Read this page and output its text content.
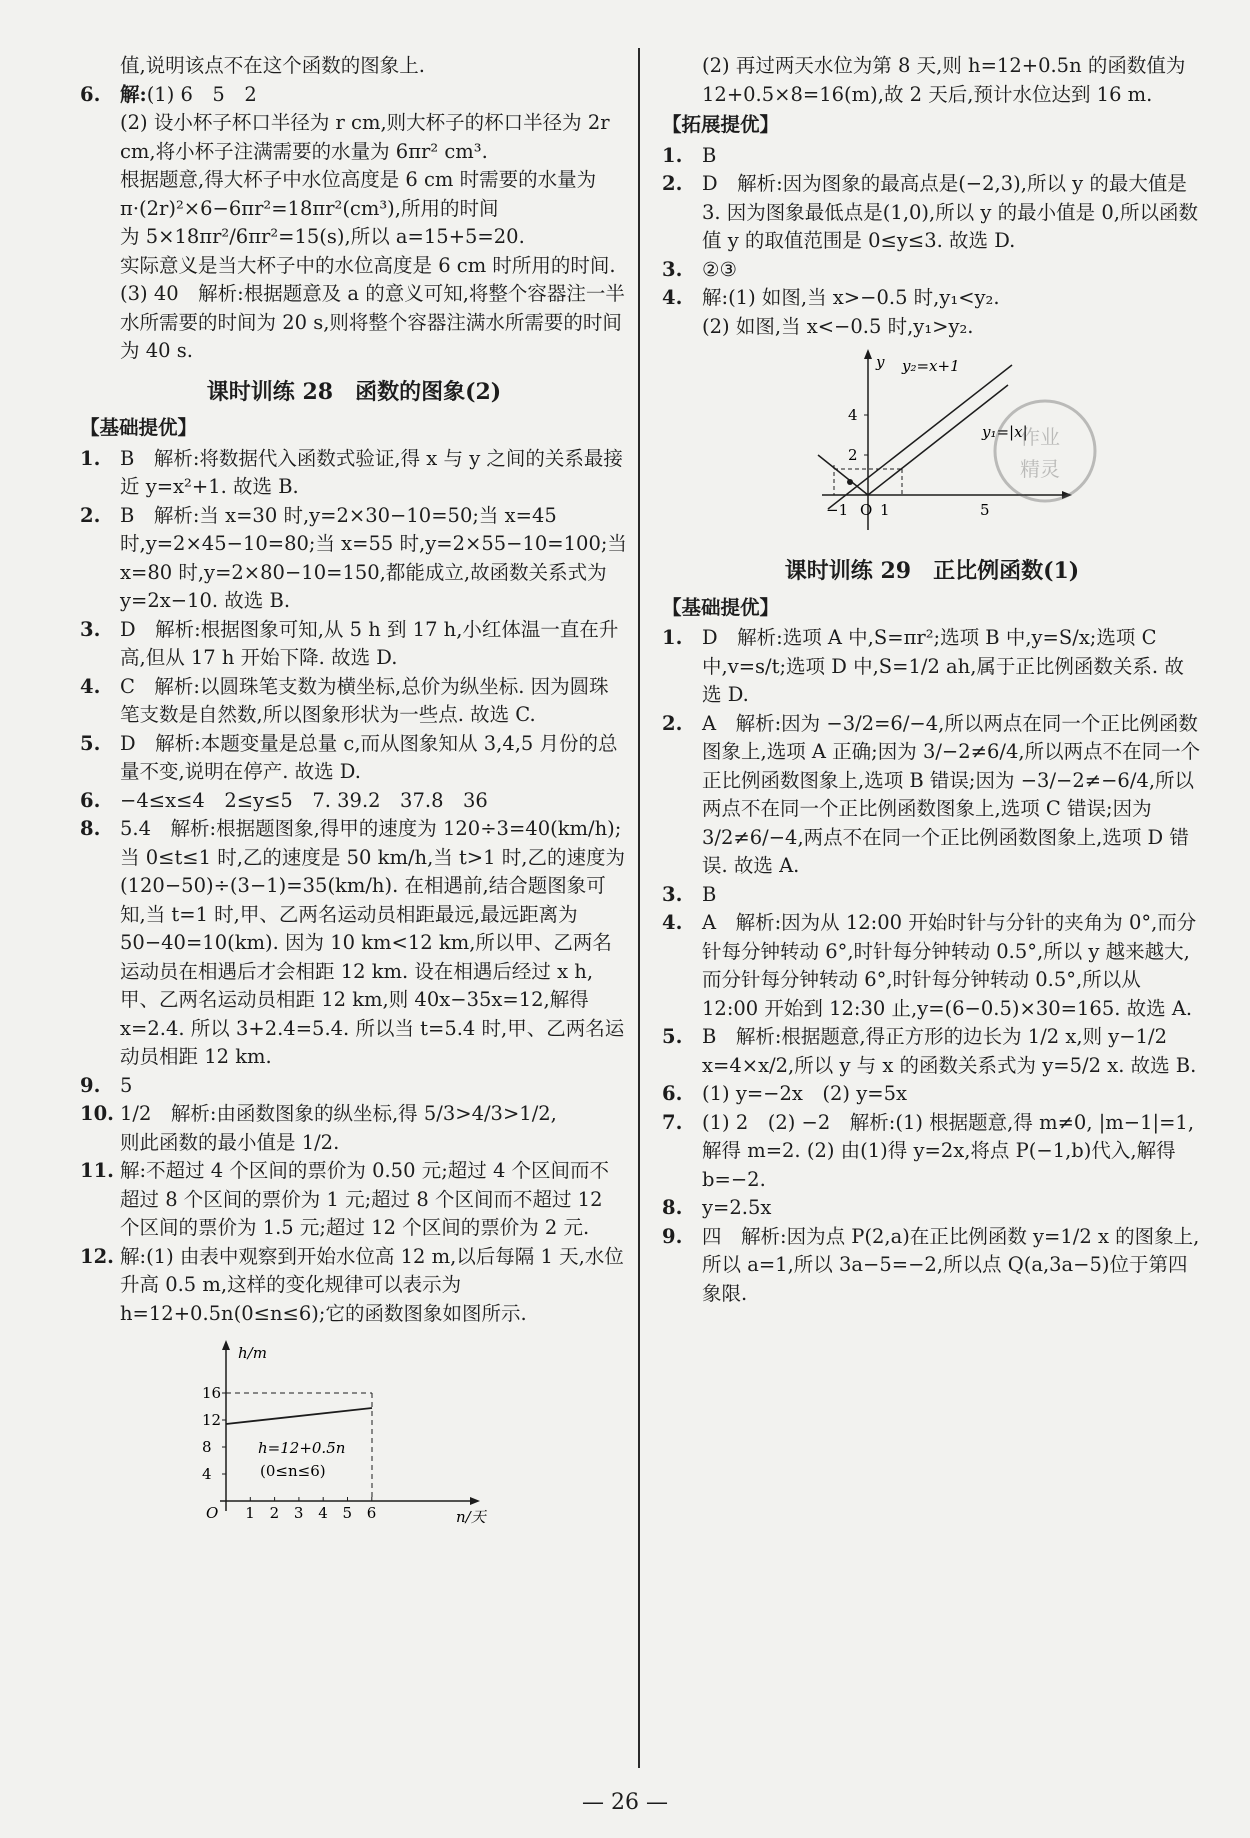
值,说明该点不在这个函数的图象上.

6. 解:(1) 6　5　2

(2) 设小杯子杯口半径为 r cm,则大杯子的杯口半径为 2r cm,将小杯子注满需要的水量为 6πr² cm³.

根据题意,得大杯子中水位高度是 6 cm 时需要的水量为 π·(2r)²×6−6πr²=18πr²(cm³),所用的时间

为 5×18πr²/6πr²=15(s),所以 a=15+5=20.

实际意义是当大杯子中的水位高度是 6 cm 时所用的时间.

(3) 40　解析:根据题意及 a 的意义可知,将整个容器注一半水所需要的时间为 20 s,则将整个容器注满水所需要的时间为 40 s.

课时训练 28　函数的图象(2)
【基础提优】

1. B　解析:将数据代入函数式验证,得 x 与 y 之间的关系最接近 y=x²+1. 故选 B.

2. B　解析:当 x=30 时,y=2×30−10=50;当 x=45 时,y=2×45−10=80;当 x=55 时,y=2×55−10=100;当 x=80 时,y=2×80−10=150,都能成立,故函数关系式为 y=2x−10. 故选 B.

3. D　解析:根据图象可知,从 5 h 到 17 h,小红体温一直在升高,但从 17 h 开始下降. 故选 D.

4. C　解析:以圆珠笔支数为横坐标,总价为纵坐标. 因为圆珠笔支数是自然数,所以图象形状为一些点. 故选 C.

5. D　解析:本题变量是总量 c,而从图象知从 3,4,5 月份的总量不变,说明在停产. 故选 D.

6. −4≤x≤4　2≤y≤5　7. 39.2　37.8　36

8. 5.4　解析:根据题图象,得甲的速度为 120÷3=40(km/h);当 0≤t≤1 时,乙的速度是 50 km/h,当 t>1 时,乙的速度为(120−50)÷(3−1)=35(km/h). 在相遇前,结合题图象可知,当 t=1 时,甲、乙两名运动员相距最远,最远距离为 50−40=10(km). 因为 10 km<12 km,所以甲、乙两名运动员在相遇后才会相距 12 km. 设在相遇后经过 x h,甲、乙两名运动员相距 12 km,则 40x−35x=12,解得 x=2.4. 所以 3+2.4=5.4. 所以当 t=5.4 时,甲、乙两名运动员相距 12 km.

9. 5

10. 1/2　解析:由函数图象的纵坐标,得 5/3>4/3>1/2,

则此函数的最小值是 1/2.

11. 解:不超过 4 个区间的票价为 0.50 元;超过 4 个区间而不超过 8 个区间的票价为 1 元;超过 8 个区间而不超过 12 个区间的票价为 1.5 元;超过 12 个区间的票价为 2 元.

12. 解:(1) 由表中观察到开始水位高 12 m,以后每隔 1 天,水位升高 0.5 m,这样的变化规律可以表示为 h=12+0.5n(0≤n≤6);它的函数图象如图所示.

h/m
n/天
O
4
8
12
16
1 2 3 4 5 6
h=12+0.5n
(0≤n≤6)

(2) 再过两天水位为第 8 天,则 h=12+0.5n 的函数值为 12+0.5×8=16(m),故 2 天后,预计水位达到 16 m.

【拓展提优】

1. B

2. D　解析:因为图象的最高点是(−2,3),所以 y 的最大值是 3. 因为图象最低点是(1,0),所以 y 的最小值是 0,所以函数值 y 的取值范围是 0≤y≤3. 故选 D.

3. ②③

4. 解:(1) 如图,当 x>−0.5 时,y₁<y₂.

(2) 如图,当 x<−0.5 时,y₁>y₂.

y
2
4
−1 O 1	5
y₂=x+1
y₁=|x|
课时训练 29　正比例函数(1)
【基础提优】

1. D　解析:选项 A 中,S=πr²;选项 B 中,y=S/x;选项 C 中,v=s/t;选项 D 中,S=1/2 ah,属于正比例函数关系. 故选 D.

2. A　解析:因为 −3/2=6/−4,所以两点在同一个正比例函数图象上,选项 A 正确;因为 3/−2≠6/4,所以两点不在同一个正比例函数图象上,选项 B 错误;因为 −3/−2≠−6/4,所以两点不在同一个正比例函数图象上,选项 C 错误;因为 3/2≠6/−4,两点不在同一个正比例函数图象上,选项 D 错误. 故选 A.

3. B

4. A　解析:因为从 12:00 开始时针与分针的夹角为 0°,而分针每分钟转动 6°,时针每分钟转动 0.5°,所以 y 越来越大,而分针每分钟转动 6°,时针每分钟转动 0.5°,所以从 12:00 开始到 12:30 止,y=(6−0.5)×30=165. 故选 A.

5. B　解析:根据题意,得正方形的边长为 1/2 x,则 y−1/2 x=4×x/2,所以 y 与 x 的函数关系式为 y=5/2 x. 故选 B.

6. (1) y=−2x　(2) y=5x

7. (1) 2　(2) −2　解析:(1) 根据题意,得 m≠0, |m−1|=1, 解得 m=2. (2) 由(1)得 y=2x,将点 P(−1,b)代入,解得 b=−2.

8. y=2.5x

9. 四　解析:因为点 P(2,a)在正比例函数 y=1/2 x 的图象上,所以 a=1,所以 3a−5=−2,所以点 Q(a,3a−5)位于第四象限.

作业
精灵
— 26 —
